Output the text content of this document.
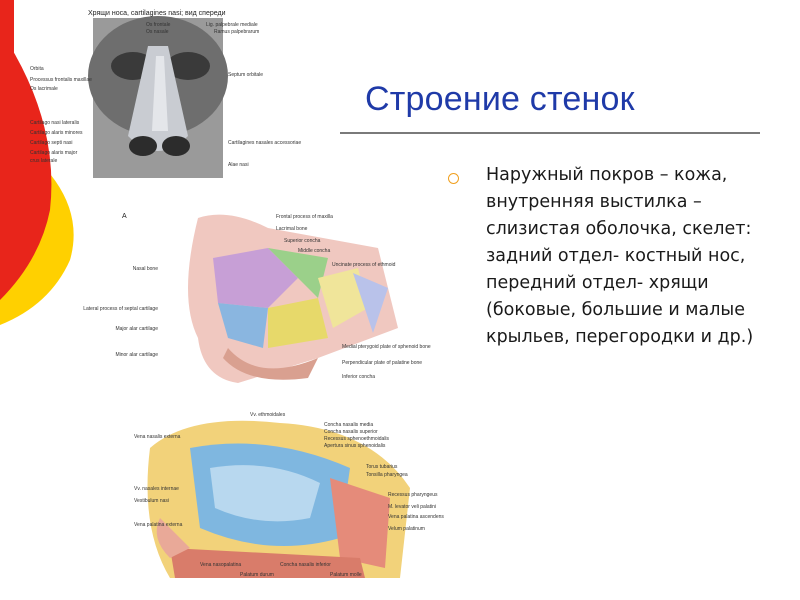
Хрящи носа, cartilagines nasi; вид спереди
Os frontale
Os nasale
Lig. palpebrale mediale
Ramus palpebrarum
Orbita
Processus frontalis maxillae
Os lacrimale
Cartilago nasi lateralis
Cartilago alaris minores
Cartilago septi nasi
Cartilago alaris major
crus laterale
Septum orbitale
Cartilagines nasales accessoriae
Alae nasi
A
Nasal bone
Lateral process of septal cartilage
Major alar cartilage
Minor alar cartilage
Frontal process of maxilla
Lacrimal bone
Superior concha
Middle concha
Uncinate process of ethmoid
Medial pterygoid plate of sphenoid bone
Perpendicular plate of palatine bone
Inferior concha
Vv. ethmoidales
Concha nasalis media
Concha nasalis superior
Recessus sphenoethmoidalis
Apertura sinus sphenoidalis
Vena nasalis externa
Vv. nasales internae
Vestibulum nasi
Vena palatina externa
Torus tubarius
Tonsilla pharyngea
Recessus pharyngeus
M. levator veli palatini
Vena palatina ascendens
Velum palatinum
Vena nasopalatina
Palatum durum
Concha nasalis inferior
Palatum molle
Строение стенок
Наружный покров – кожа, внутренняя выстилка – слизистая оболочка, скелет: задний отдел- костный нос, передний отдел- хрящи (боковые, большие и малые крыльев, перегородки и др.)
